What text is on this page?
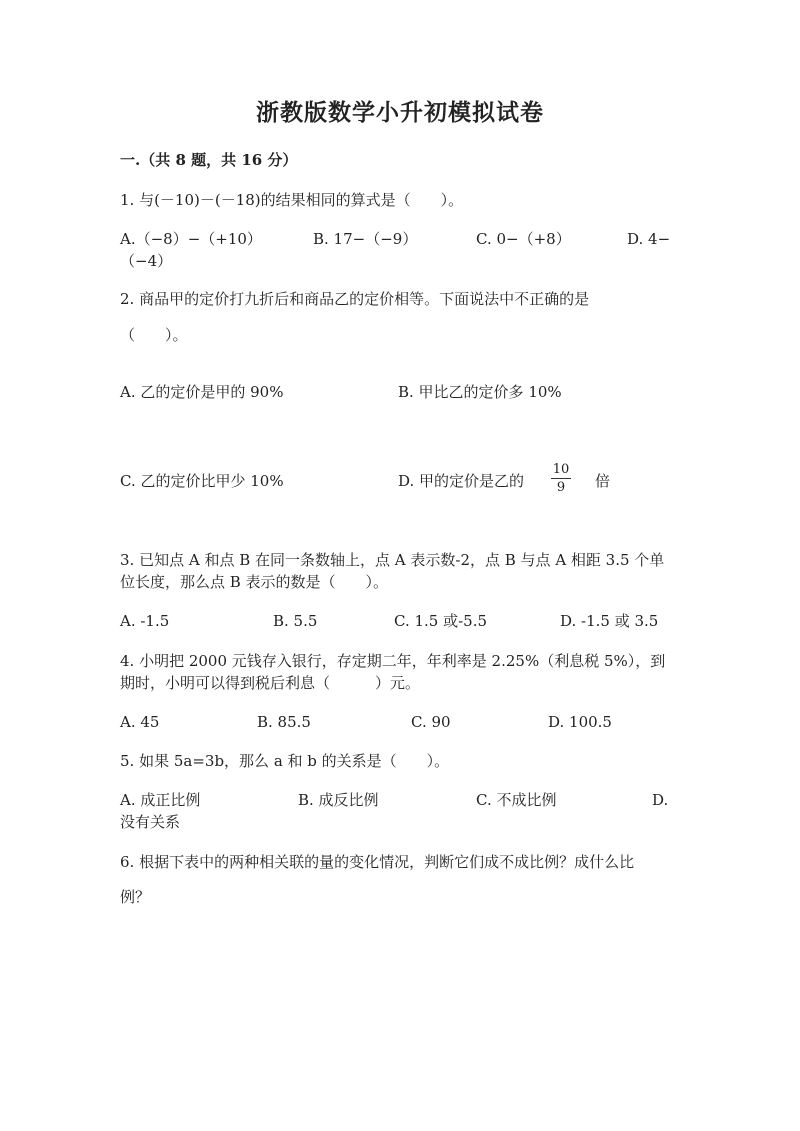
浙教版数学小升初模拟试卷
一.（共 8 题，共 16 分）
1. 与(－10)－(－18)的结果相同的算式是（　　）。
A.（−8）−（+10）	B. 17−（−9）	C. 0−（+8）	D. 4−
（−4）
2. 商品甲的定价打九折后和商品乙的定价相等。下面说法中不正确的是
（　　）。
A. 乙的定价是甲的 90%	B. 甲比乙的定价多 10%
C. 乙的定价比甲少 10%	D. 甲的定价是乙的
10
9 倍
3. 已知点 A 和点 B 在同一条数轴上，点 A 表示数-2，点 B 与点 A 相距 3.5 个单
位长度，那么点 B 表示的数是（　　）。
A. -1.5	B. 5.5	C. 1.5 或-5.5	D. -1.5 或 3.5
4. 小明把 2000 元钱存入银行，存定期二年，年利率是 2.25%（利息税 5%），到
期时，小明可以得到税后利息（　　　）元。
A. 45	B. 85.5	C. 90	D. 100.5
5. 如果 5a=3b，那么 a 和 b 的关系是（　　）。
A. 成正比例	B. 成反比例	C. 不成比例	D.
没有关系
6. 根据下表中的两种相关联的量的变化情况，判断它们成不成比例？成什么比
例？
